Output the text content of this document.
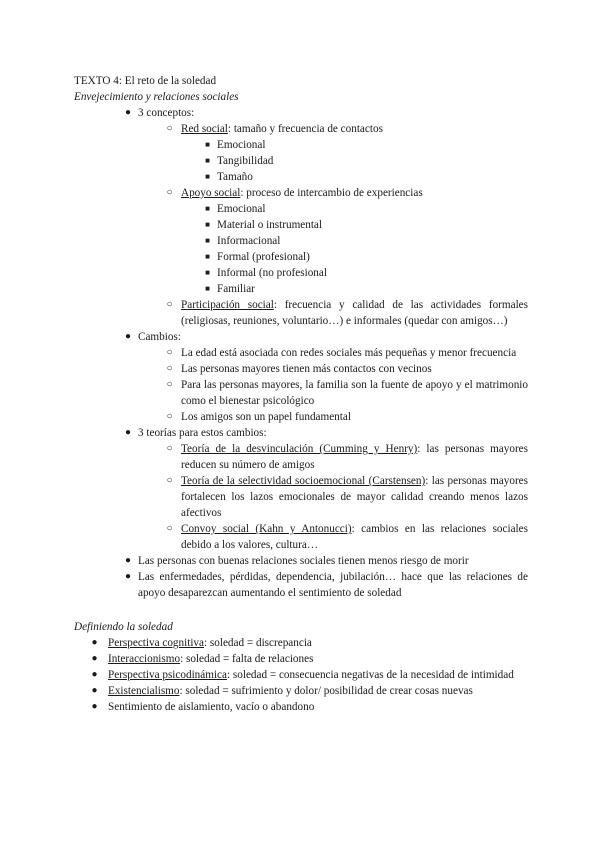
TEXTO 4: El reto de la soledad
Envejecimiento y relaciones sociales
● 3 conceptos:
○ Red social: tamaño y frecuencia de contactos
■ Emocional
■ Tangibilidad
■ Tamaño
○ Apoyo social: proceso de intercambio de experiencias
■ Emocional
■ Material o instrumental
■ Informacional
■ Formal (profesional)
■ Informal (no profesional
■ Familiar
○ Participación social: frecuencia y calidad de las actividades formales (religiosas, reuniones, voluntario…) e informales (quedar con amigos…)
● Cambios:
○ La edad está asociada con redes sociales más pequeñas y menor frecuencia
○ Las personas mayores tienen más contactos con vecinos
○ Para las personas mayores, la familia son la fuente de apoyo y el matrimonio como el bienestar psicológico
○ Los amigos son un papel fundamental
● 3 teorías para estos cambios:
○ Teoría de la desvinculación (Cumming y Henry): las personas mayores reducen su número de amigos
○ Teoría de la selectividad socioemocional (Carstensen): las personas mayores fortalecen los lazos emocionales de mayor calidad creando menos lazos afectivos
○ Convoy social (Kahn y Antonucci): cambios en las relaciones sociales debido a los valores, cultura…
● Las personas con buenas relaciones sociales tienen menos riesgo de morir
● Las enfermedades, pérdidas, dependencia, jubilación… hace que las relaciones de apoyo desaparezcan aumentando el sentimiento de soledad
Definiendo la soledad
● Perspectiva cognitiva: soledad = discrepancia
● Interaccionismo: soledad = falta de relaciones
● Perspectiva psicodinámica: soledad = consecuencia negativas de la necesidad de intimidad
● Existencialismo: soledad = sufrimiento y dolor/ posibilidad de crear cosas nuevas
● Sentimiento de aislamiento, vacío o abandono
